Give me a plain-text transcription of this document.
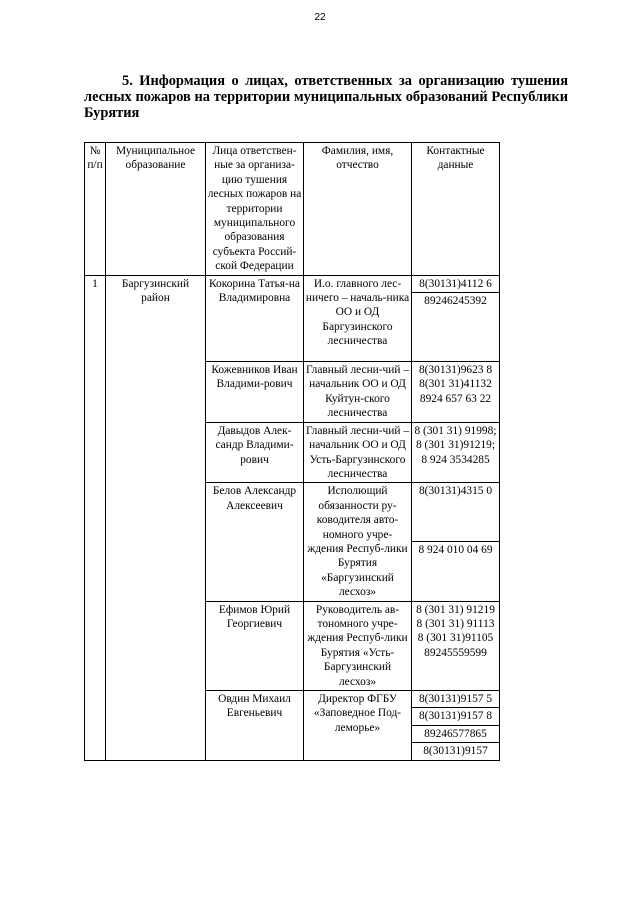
22

5. Информация о лицах, ответственных за организацию тушения лесных пожаров на территории муниципальных образований Республики Бурятия

№ п/п	Муниципальное образование	Лица ответствен-ные за организа-цию тушения лесных пожаров на территории муниципального образования субъекта Россий-ской Федерации	Фамилия, имя, отчество	Контактные данные
1	Баргузинский район	Кокорина Татья-на Владимировна	И.о. главного лес-ничего – началь-ника ОО и ОД Баргузинского лесничества	8(30131)4112 6
				89246245392
		Кожевников Иван Владими-рович	Главный лесни-чий – начальник ОО и ОД Куйтун-ского лесничества	8(30131)9623 8 8(301 31)41132 8924 657 63 22
		Давыдов Алек-сандр Владими-рович	Главный лесни-чий – начальник ОО и ОД Усть-Баргузинского лесничества	8 (301 31) 91998; 8 (301 31)91219; 8 924 3534285
		Белов Александр Алексеевич	Исполющий обязанности ру-ководителя авто-номного учре-ждения Респуб-лики Бурятия «Баргузинский лесхоз»	8(30131)4315 0
				8 924 010 04 69
		Ефимов Юрий Георгиевич	Руководитель ав-тономного учре-ждения Респуб-лики Бурятия «Усть-Баргузинский лесхоз»	8 (301 31) 91219 8 (301 31) 91113 8 (301 31)91105 89245559599
		Овдин Михаил Евгеньевич	Директор ФГБУ «Заповедное Под-леморье»	8(30131)9157 5
				8(30131)9157 8
				89246577865
				8(30131)9157
